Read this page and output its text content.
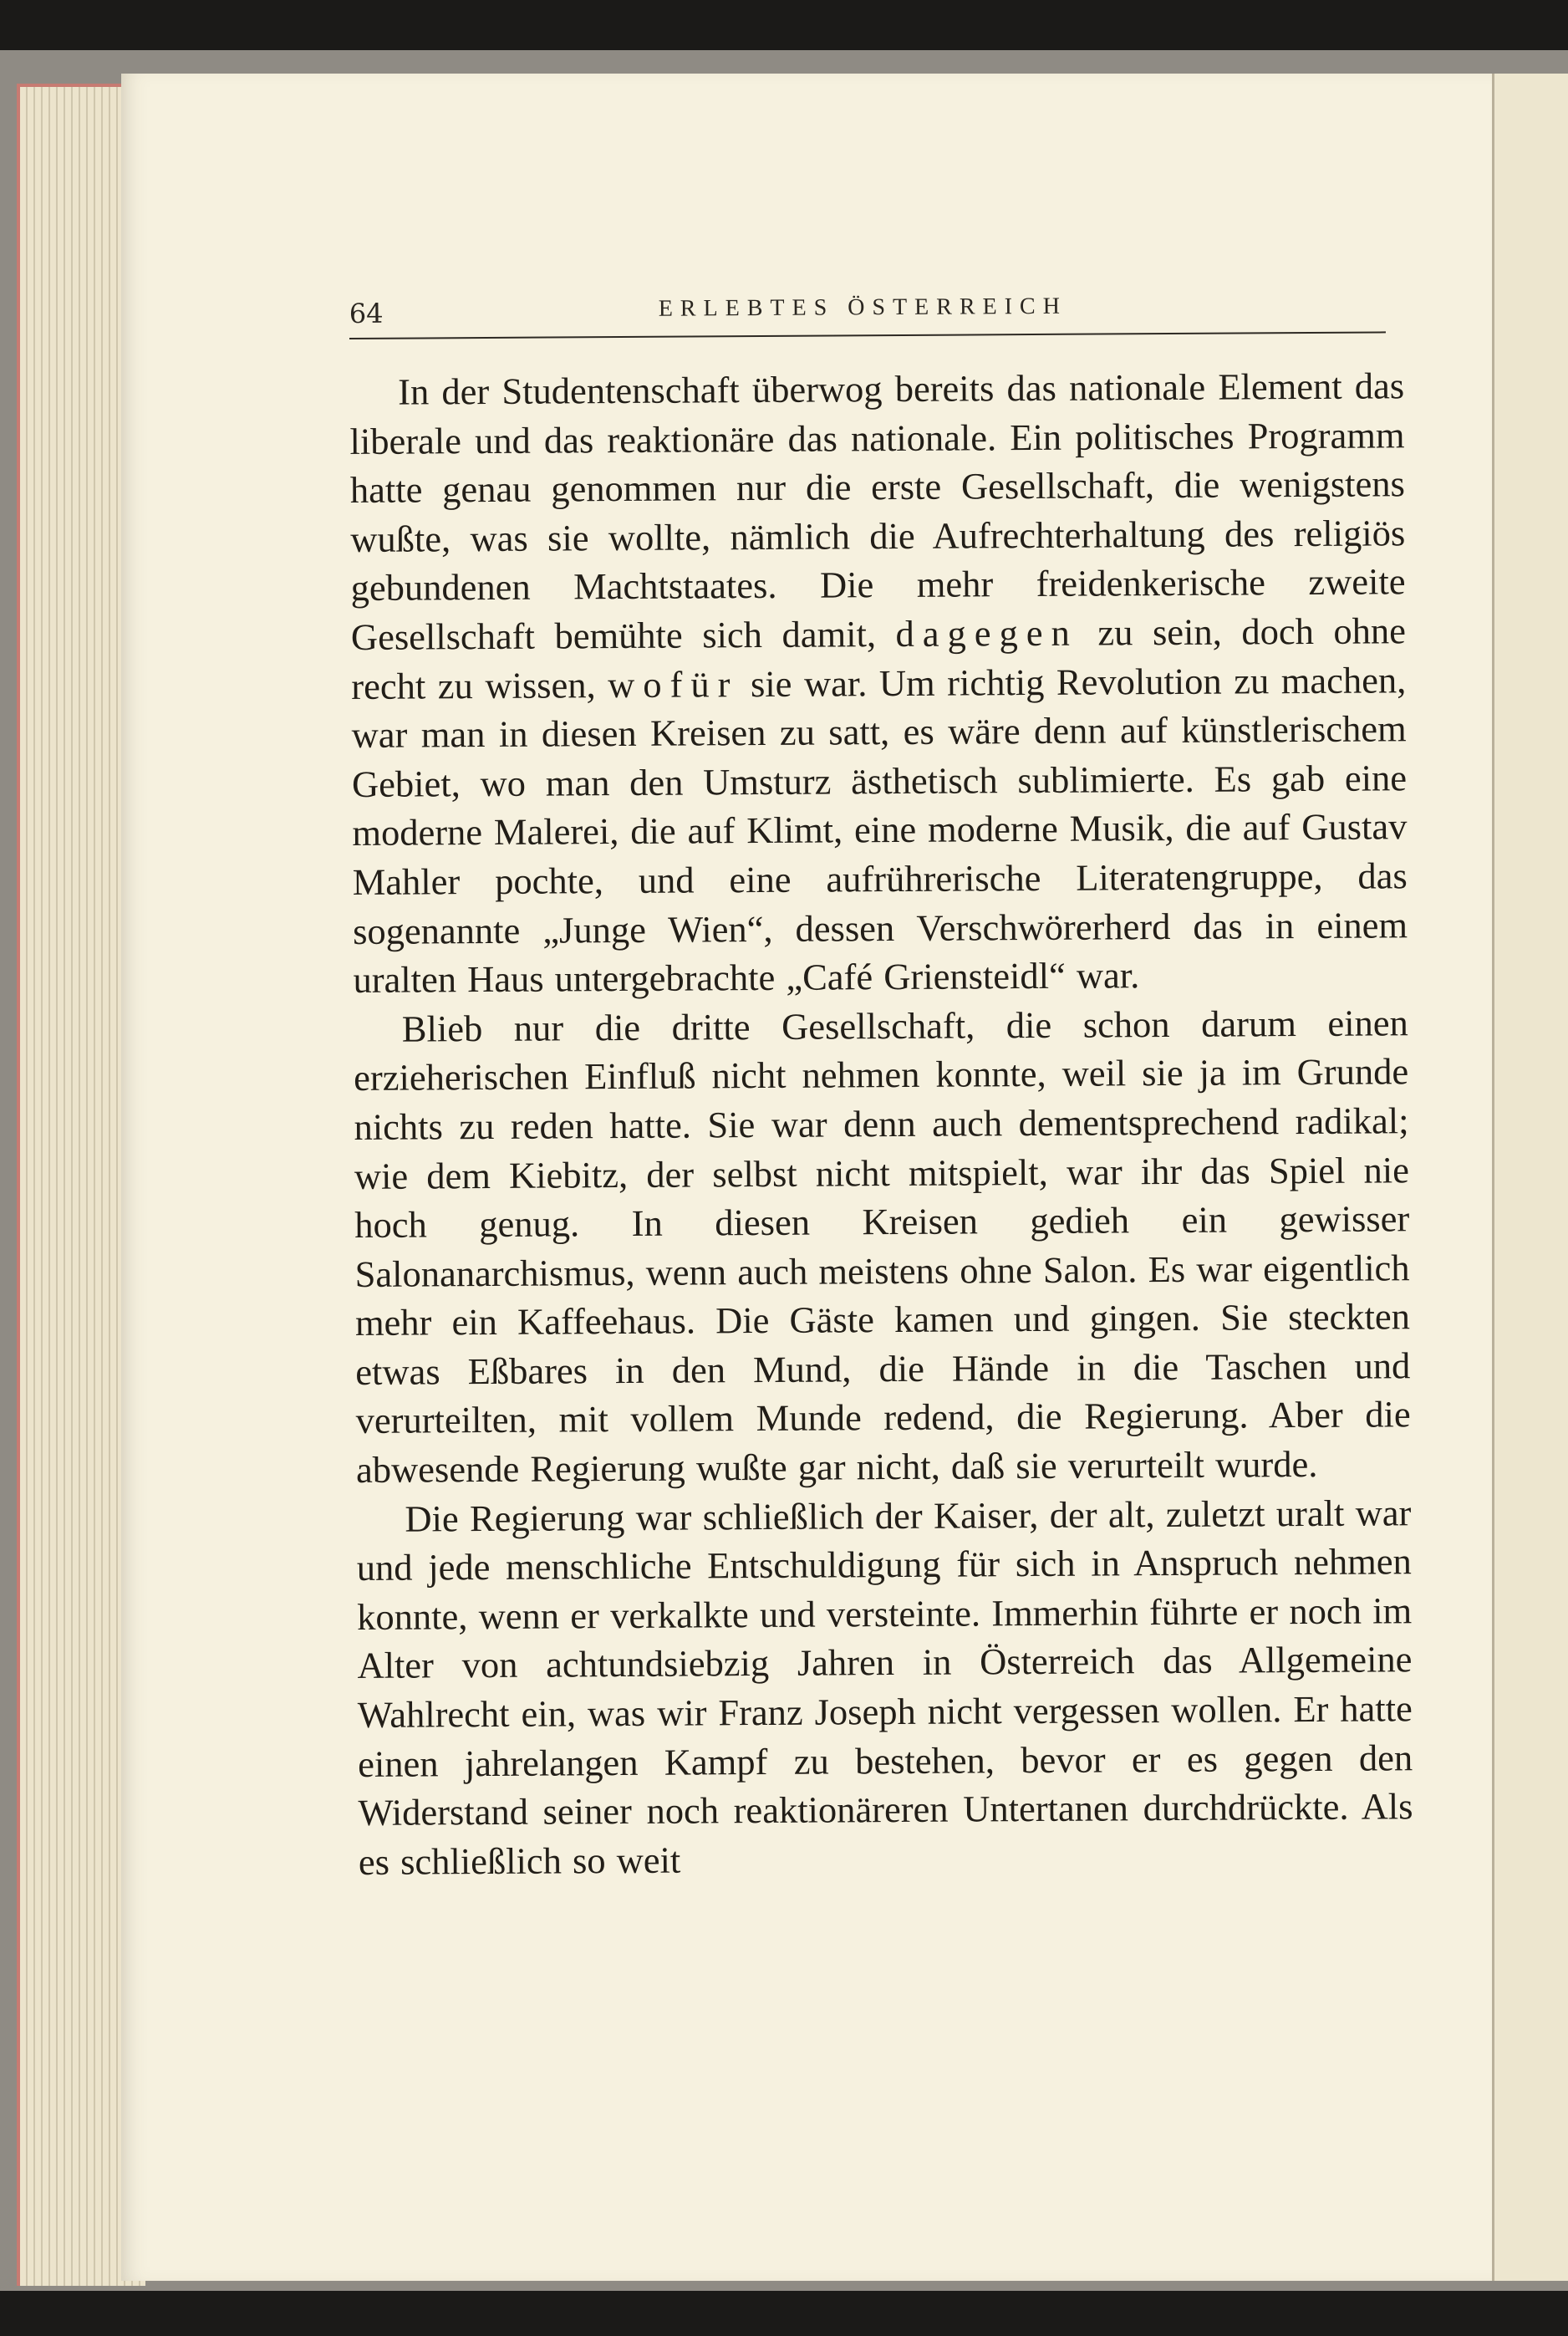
64	ERLEBTES ÖSTERREICH

In der Studentenschaft überwog bereits das nationale Element das liberale und das reaktionäre das nationale. Ein politisches Programm hatte genau genommen nur die erste Gesellschaft, die wenigstens wußte, was sie wollte, nämlich die Aufrechterhaltung des religiös gebundenen Machtstaates. Die mehr freidenkerische zweite Gesellschaft bemühte sich damit, dagegen zu sein, doch ohne recht zu wissen, wofür sie war. Um richtig Revolution zu machen, war man in diesen Kreisen zu satt, es wäre denn auf künstlerischem Gebiet, wo man den Umsturz ästhetisch sublimierte. Es gab eine moderne Malerei, die auf Klimt, eine moderne Musik, die auf Gustav Mahler pochte, und eine aufrührerische Literatengruppe, das sogenannte „Junge Wien“, dessen Verschwörerherd das in einem uralten Haus untergebrachte „Café Griensteidl“ war.

Blieb nur die dritte Gesellschaft, die schon darum einen erzieherischen Einfluß nicht nehmen konnte, weil sie ja im Grunde nichts zu reden hatte. Sie war denn auch dementsprechend radikal; wie dem Kiebitz, der selbst nicht mitspielt, war ihr das Spiel nie hoch genug. In diesen Kreisen gedieh ein gewisser Salonanarchismus, wenn auch meistens ohne Salon. Es war eigentlich mehr ein Kaffeehaus. Die Gäste kamen und gingen. Sie steckten etwas Eßbares in den Mund, die Hände in die Taschen und verurteilten, mit vollem Munde redend, die Regierung. Aber die abwesende Regierung wußte gar nicht, daß sie verurteilt wurde.

Die Regierung war schließlich der Kaiser, der alt, zuletzt uralt war und jede menschliche Entschuldigung für sich in Anspruch nehmen konnte, wenn er verkalkte und versteinte. Immerhin führte er noch im Alter von achtundsiebzig Jahren in Österreich das Allgemeine Wahlrecht ein, was wir Franz Joseph nicht vergessen wollen. Er hatte einen jahrelangen Kampf zu bestehen, bevor er es gegen den Widerstand seiner noch reaktionäreren Untertanen durchdrückte. Als es schließlich so weit
